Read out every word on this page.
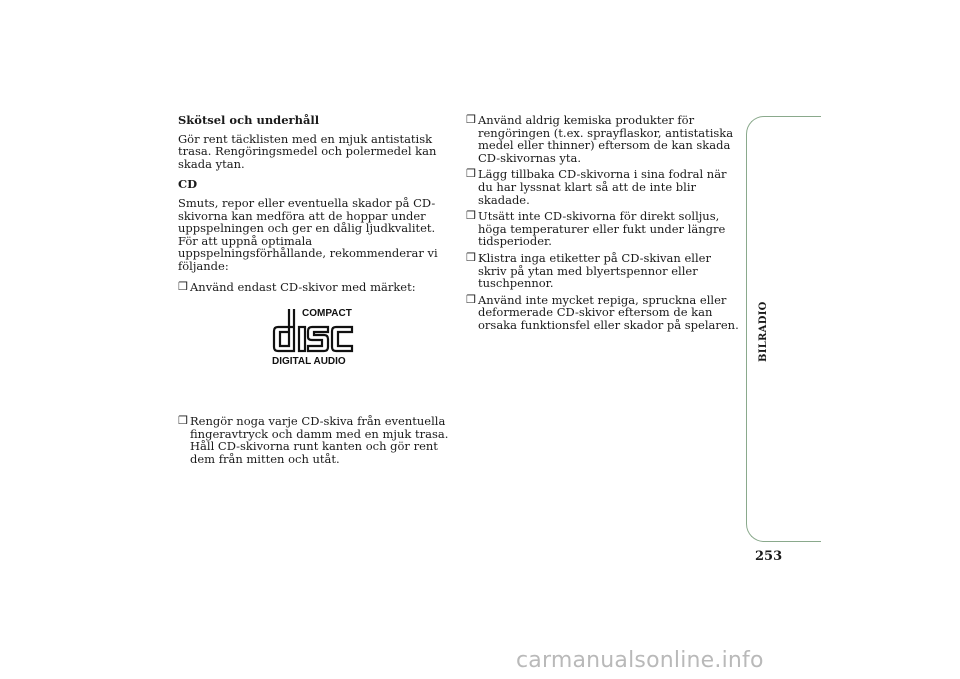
Skötsel och underhåll
Gör rent täcklisten med en mjuk antistatisk trasa. Rengöringsmedel och polermedel kan skada ytan.
CD
Smuts, repor eller eventuella skador på CD-skivorna kan medföra att de hoppar under uppspelningen och ger en dålig ljudkvalitet. För att uppnå optimala uppspelningsförhållande, rekommenderar vi följande:
❒ Använd endast CD-skivor med märket:
COMPACT
DIGITAL AUDIO
❒ Rengör noga varje CD-skiva från eventuella fingeravtryck och damm med en mjuk trasa. Håll CD-skivorna runt kanten och gör rent dem från mitten och utåt.
❒ Använd aldrig kemiska produkter för rengöringen (t.ex. sprayflaskor, antistatiska medel eller thinner) eftersom de kan skada CD-skivornas yta.
❒ Lägg tillbaka CD-skivorna i sina fodral när du har lyssnat klart så att de inte blir skadade.
❒ Utsätt inte CD-skivorna för direkt solljus, höga temperaturer eller fukt under längre tidsperioder.
❒ Klistra inga etiketter på CD-skivan eller skriv på ytan med blyertspennor eller tuschpennor.
❒ Använd inte mycket repiga, spruckna eller deformerade CD-skivor eftersom de kan orsaka funktionsfel eller skador på spelaren.	BILRADIO
253
carmanualsonline.info
